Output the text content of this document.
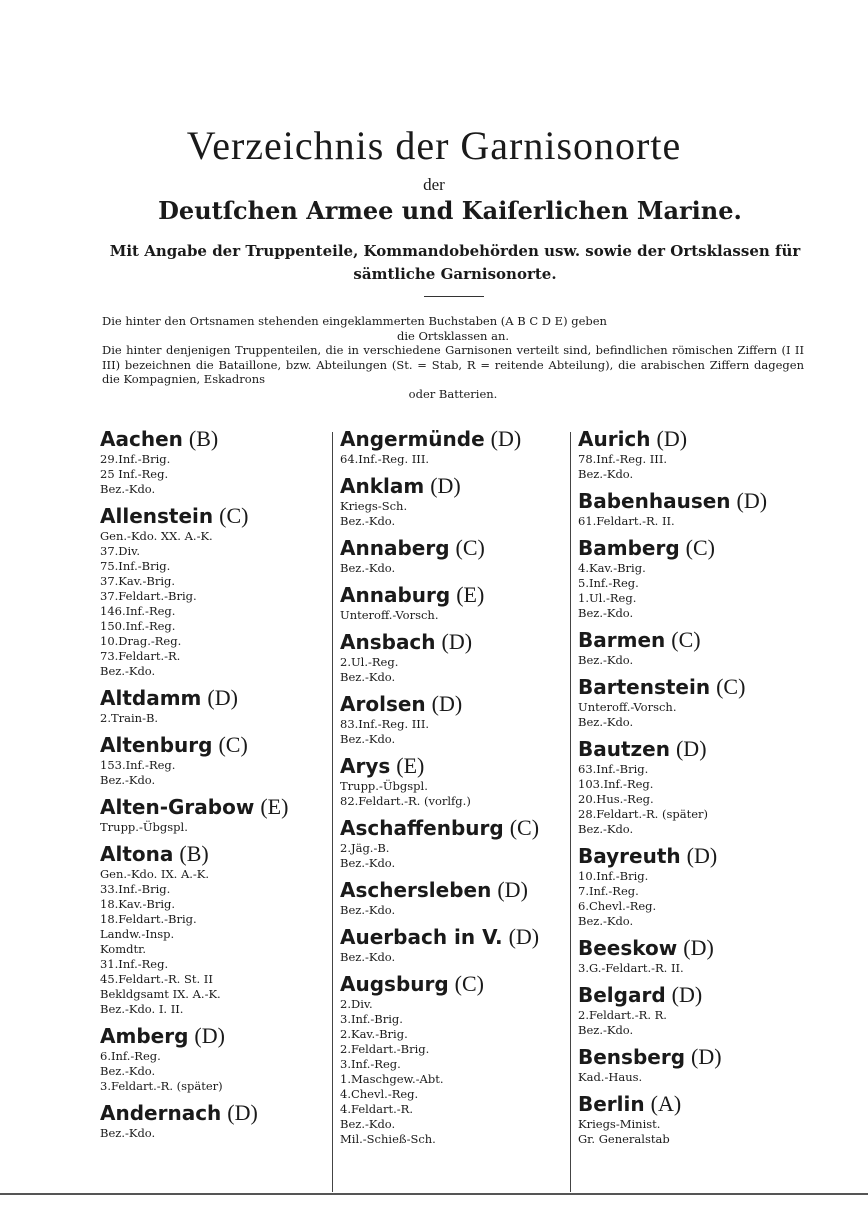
Verzeichnis der Garnisonorte
der
Deutſchen Armee und Kaiſerlichen Marine.
Mit Angabe der Truppenteile, Kommandobehörden usw. sowie der Ortsklassen für sämtliche Garnisonorte.

Die hinter den Ortsnamen stehenden eingeklammerten Buchstaben (A B C D E) geben

die Ortsklassen an.

Die hinter denjenigen Truppenteilen, die in verschiedene Garnisonen verteilt sind, befindlichen römischen Ziffern (I II III) bezeichnen die Bataillone, bzw. Abteilungen (St. = Stab, R = reitende Abteilung), die arabischen Ziffern dagegen die Kompagnien, Eskadrons

oder Batterien.

Aachen (B)
29.Inf.-Brig.
25 Inf.-Reg.
Bez.-Kdo.
Allenstein (C)
Gen.-Kdo. XX. A.-K.
37.Div.
75.Inf.-Brig.
37.Kav.-Brig.
37.Feldart.-Brig.
146.Inf.-Reg.
150.Inf.-Reg.
10.Drag.-Reg.
73.Feldart.-R.
Bez.-Kdo.
Altdamm (D)
2.Train-B.
Altenburg (C)
153.Inf.-Reg.
Bez.-Kdo.
Alten-Grabow (E)
Trupp.-Übgspl.
Altona (B)
Gen.-Kdo. IX. A.-K.
33.Inf.-Brig.
18.Kav.-Brig.
18.Feldart.-Brig.
Landw.-Insp.
Komdtr.
31.Inf.-Reg.
45.Feldart.-R. St. II
Bekldgsamt IX. A.-K.
Bez.-Kdo. I. II.
Amberg (D)
6.Inf.-Reg.
Bez.-Kdo.
3.Feldart.-R. (später)
Andernach (D)
Bez.-Kdo.
Angermünde (D)
64.Inf.-Reg. III.
Anklam (D)
Kriegs-Sch.
Bez.-Kdo.
Annaberg (C)
Bez.-Kdo.
Annaburg (E)
Unteroff.-Vorsch.
Ansbach (D)
2.Ul.-Reg.
Bez.-Kdo.
Arolsen (D)
83.Inf.-Reg. III.
Bez.-Kdo.
Arys (E)
Trupp.-Übgspl.
82.Feldart.-R. (vorlfg.)
Aschaffenburg (C)
2.Jäg.-B.
Bez.-Kdo.
Aschersleben (D)
Bez.-Kdo.
Auerbach in V. (D)
Bez.-Kdo.
Augsburg (C)
2.Div.
3.Inf.-Brig.
2.Kav.-Brig.
2.Feldart.-Brig.
3.Inf.-Reg.
1.Maschgew.-Abt.
4.Chevl.-Reg.
4.Feldart.-R.
Bez.-Kdo.
Mil.-Schieß-Sch.
Aurich (D)
78.Inf.-Reg. III.
Bez.-Kdo.
Babenhausen (D)
61.Feldart.-R. II.
Bamberg (C)
4.Kav.-Brig.
5.Inf.-Reg.
1.Ul.-Reg.
Bez.-Kdo.
Barmen (C)
Bez.-Kdo.
Bartenstein (C)
Unteroff.-Vorsch.
Bez.-Kdo.
Bautzen (D)
63.Inf.-Brig.
103.Inf.-Reg.
20.Hus.-Reg.
28.Feldart.-R. (später)
Bez.-Kdo.
Bayreuth (D)
10.Inf.-Brig.
7.Inf.-Reg.
6.Chevl.-Reg.
Bez.-Kdo.
Beeskow (D)
3.G.-Feldart.-R. II.
Belgard (D)
2.Feldart.-R. R.
Bez.-Kdo.
Bensberg (D)
Kad.-Haus.
Berlin (A)
Kriegs-Minist.
Gr. Generalstab
